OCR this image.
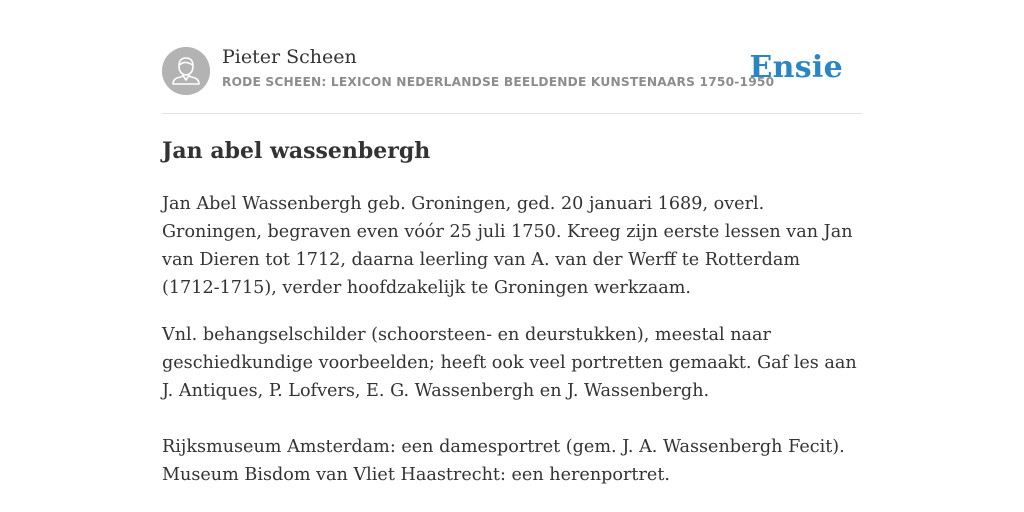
Pieter Scheen
RODE SCHEEN: LEXICON NEDERLANDSE BEELDENDE KUNSTENAARS 1750-1950
Ensie
Jan abel wassenbergh

Jan Abel Wassenbergh geb. Groningen, ged. 20 januari 1689, overl. Groningen, begraven even vóór 25 juli 1750. Kreeg zijn eerste lessen van Jan van Dieren tot 1712, daarna leerling van A. van der Werff te Rotterdam (1712-1715), verder hoofdzakelijk te Groningen werkzaam.

Vnl. behangselschilder (schoorsteen- en deurstukken), meestal naar geschiedkundige voorbeelden; heeft ook veel portretten gemaakt. Gaf les aan J. Antiques, P. Lofvers, E. G. Wassenbergh en J. Wassenbergh.

Rijksmuseum Amsterdam: een damesportret (gem. J. A. Wassenbergh Fecit).
Museum Bisdom van Vliet Haastrecht: een herenportret.
